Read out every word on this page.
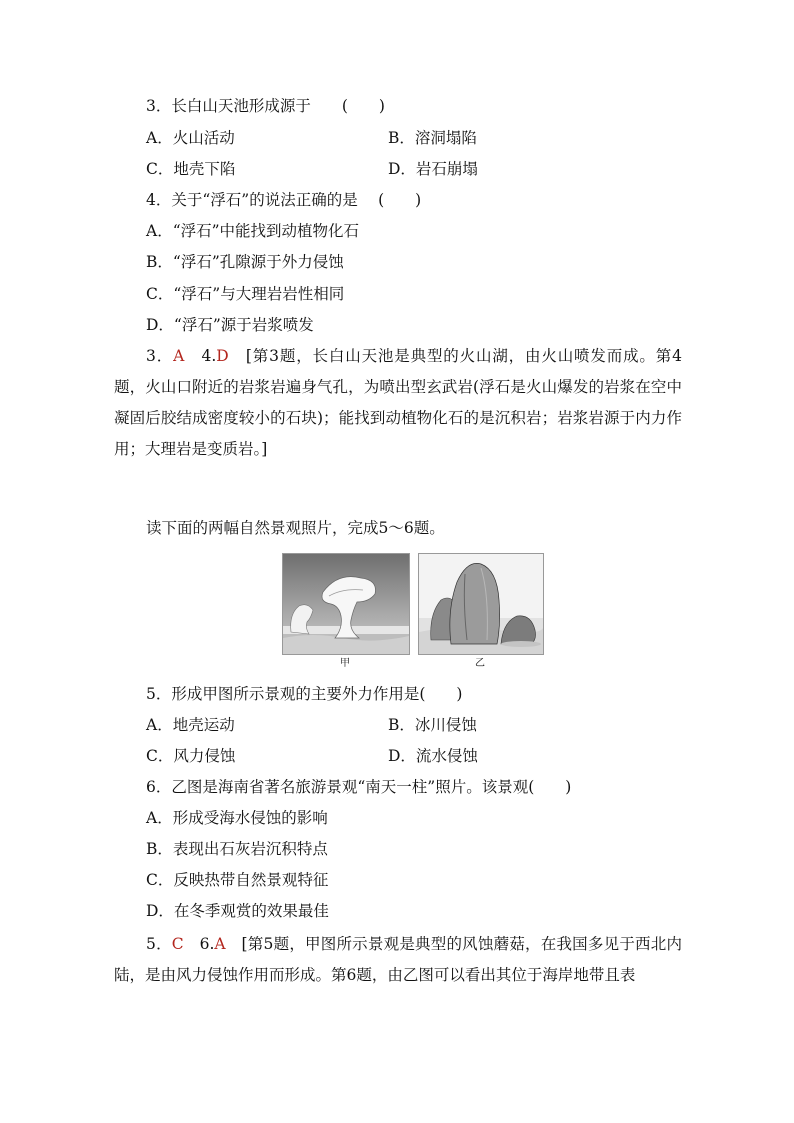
3．长白山天池形成源于　　(　　)
A．火山活动	B．溶洞塌陷
C．地壳下陷	D．岩石崩塌
4．关于“浮石”的说法正确的是　 (　　)
A．“浮石”中能找到动植物化石
B．“浮石”孔隙源于外力侵蚀
C．“浮石”与大理岩岩性相同
D．“浮石”源于岩浆喷发
3．A　 4.D　 [第3题，长白山天池是典型的火山湖，由火山喷发而成。第4题，火山口附近的岩浆岩遍身气孔，为喷出型玄武岩(浮石是火山爆发的岩浆在空中凝固后胶结成密度较小的石块)；能找到动植物化石的是沉积岩；岩浆岩源于内力作用；大理岩是变质岩。]
读下面的两幅自然景观照片，完成5～6题。
甲	乙
5．形成甲图所示景观的主要外力作用是(　　)
A．地壳运动	B．冰川侵蚀
C．风力侵蚀	D．流水侵蚀
6．乙图是海南省著名旅游景观“南天一柱”照片。该景观(　　)
A．形成受海水侵蚀的影响
B．表现出石灰岩沉积特点
C．反映热带自然景观特征
D．在冬季观赏的效果最佳
5．C　 6.A　 [第5题，甲图所示景观是典型的风蚀蘑菇，在我国多见于西北内陆，是由风力侵蚀作用而形成。第6题，由乙图可以看出其位于海岸地带且表
